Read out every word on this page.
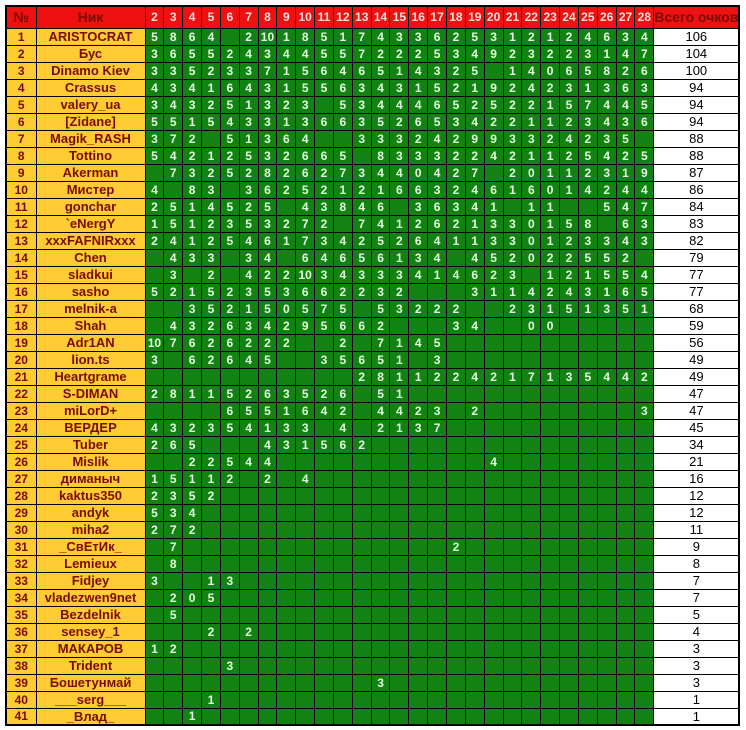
№	Ник	2	3	4	5	6	7	8	9	10	11	12	13	14	15	16	17	18	19	20	21	22	23	24	25	26	27	28	Всего очков
1	ARISTOCRAT	5	8	6	4		2	10	1	8	5	1	7	4	3	3	6	2	5	3	1	2	1	2	4	6	3	4	106
2	Бус	3	6	5	5	2	4	3	4	4	5	5	7	2	2	2	5	3	4	9	2	3	2	2	3	1	4	7	104
3	Dinamo Kiev	3	3	5	2	3	3	7	1	5	6	4	6	5	1	4	3	2	5		1	4	0	6	5	8	2	6	100
4	Crassus	4	3	4	1	6	4	3	1	5	5	6	3	4	3	1	5	2	1	9	2	4	2	3	1	3	6	3	94
5	valery_ua	3	4	3	2	5	1	3	2	3		5	3	4	4	4	6	5	2	5	2	2	1	5	7	4	4	5	94
6	[Zidane]	5	5	1	5	4	3	3	1	3	6	6	3	5	2	6	5	3	4	2	2	1	1	2	3	4	3	6	94
7	Magik_RASH	3	7	2		5	1	3	6	4			3	3	3	2	4	2	9	9	3	3	2	4	2	3	5		88
8	Tottino	5	4	2	1	2	5	3	2	6	6	5		8	3	3	3	2	2	4	2	1	1	2	5	4	2	5	88
9	Akerman		7	3	2	5	2	8	2	6	2	7	3	4	4	0	4	2	7		2	0	1	1	2	3	1	9	87
10	Мистер	4		8	3		3	6	2	5	2	1	2	1	6	6	3	2	4	6	1	6	0	1	4	2	4	4	86
11	gonchar	2	5	1	4	5	2	5		4	3	8	4	6		3	6	3	4	1		1	1			5	4	7	84
12	`eNergY	1	5	1	2	3	5	3	2	7	2		7	4	1	2	6	2	1	3	3	0	1	5	8		6	3	83
13	xxxFAFNIRxxx	2	4	1	2	5	4	6	1	7	3	4	2	5	2	6	4	1	1	3	3	0	1	2	3	3	4	3	82
14	Chen		4	3	3		3	4		6	4	6	5	6	1	3	4		4	5	2	0	2	2	5	5	2		79
15	sladkui		3		2		4	2	2	10	3	4	3	3	3	4	1	4	6	2	3		1	2	1	5	5	4	77
16	sasho	5	2	1	5	2	3	5	3	6	6	2	2	3	2				3	1	1	4	2	4	3	1	6	5	77
17	melnik-a			3	5	2	1	5	0	5	7	5		5	3	2	2	2			2	3	1	5	1	3	5	1	68
18	Shah		4	3	2	6	3	4	2	9	5	6	6	2				3	4			0	0						59
19	Adr1AN	10	7	6	2	6	2	2	2			2		7	1	4	5												56
20	lion.ts	3		6	2	6	4	5			3	5	6	5	1		3												49
21	Heartgrame												2	8	1	1	2	2	4	2	1	7	1	3	5	4	4	2	49
22	S-DIMAN	2	8	1	1	5	2	6	3	5	2	6		5	1														47
23	miLorD+					6	5	5	1	6	4	2		4	4	2	3		2									3	47
24	ВЕРДЕР	4	3	2	3	5	4	1	3	3		4		2	1	3	7												45
25	Tuber	2	6	5				4	3	1	5	6	2																34
26	Mislik			2	2	5	4	4												4									21
27	диманыч	1	5	1	1	2		2		4																			16
28	kaktus350	2	3	5	2																								12
29	andyk	5	3	4																									12
30	miha2	2	7	2																									11
31	_СвЕтИк_		7															2											9
32	Lemieux		8																										8
33	Fidjey	3			1	3																							7
34	vladezwen9net		2	0	5																								7
35	Bezdelnik		5																										5
36	sensey_1				2		2																						4
37	МАКАРОВ	1	2																										3
38	Trident					3																							3
39	Бошетунмай													3															3
40	___serg___				1																								1
41	_Влад_			1																									1
